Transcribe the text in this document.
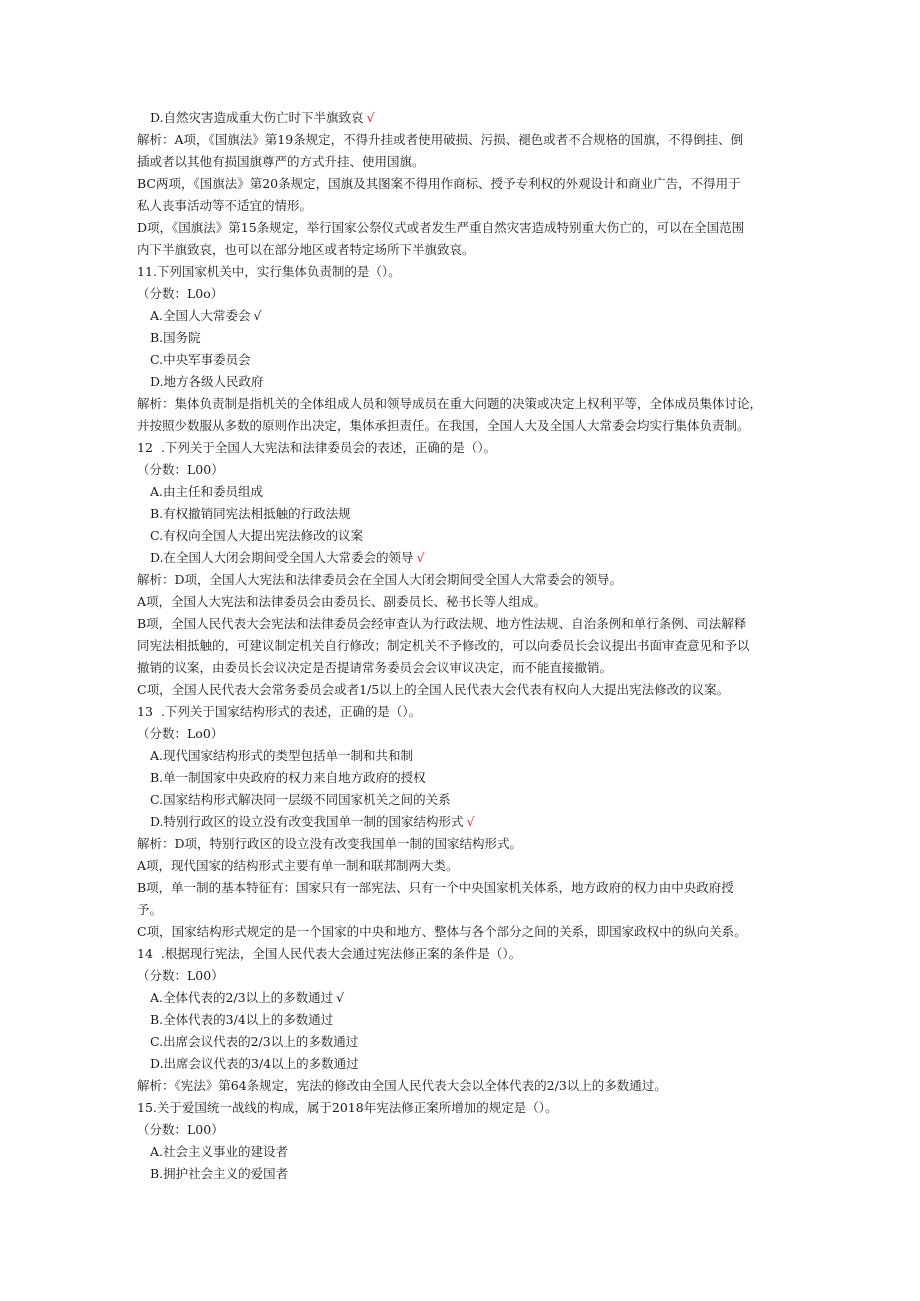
D.自然灾害造成重大伤亡时下半旗致哀 √
解析：A项，《国旗法》第19条规定，不得升挂或者使用破损、污损、褪色或者不合规格的国旗，不得倒挂、倒
插或者以其他有损国旗尊严的方式升挂、使用国旗。
BC两项，《国旗法》第20条规定，国旗及其图案不得用作商标、授予专利权的外观设计和商业广告，不得用于
私人丧事活动等不适宜的情形。
D项，《国旗法》第15条规定，举行国家公祭仪式或者发生严重自然灾害造成特别重大伤亡的，可以在全国范围
内下半旗致哀，也可以在部分地区或者特定场所下半旗致哀。
11.下列国家机关中，实行集体负责制的是（）。
（分数：L0o）
A.全国人大常委会 √
B.国务院
C.中央军事委员会
D.地方各级人民政府
解析：集体负责制是指机关的全体组成人员和领导成员在重大问题的决策或决定上权利平等，全体成员集体讨论，
并按照少数服从多数的原则作出决定，集体承担责任。在我国，全国人大及全国人大常委会均实行集体负责制。
12  .下列关于全国人大宪法和法律委员会的表述，正确的是（）。
（分数：L00）
A.由主任和委员组成
B.有权撤销同宪法相抵触的行政法规
C.有权向全国人大提出宪法修改的议案
D.在全国人大闭会期间受全国人大常委会的领导 √
解析：D项，全国人大宪法和法律委员会在全国人大闭会期间受全国人大常委会的领导。
A项，全国人大宪法和法律委员会由委员长、副委员长、秘书长等人组成。
B项，全国人民代表大会宪法和法律委员会经审查认为行政法规、地方性法规、自治条例和单行条例、司法解释
同宪法相抵触的，可建议制定机关自行修改；制定机关不予修改的，可以向委员长会议提出书面审查意见和予以
撤销的议案，由委员长会议决定是否提请常务委员会会议审议决定，而不能直接撤销。
C项，全国人民代表大会常务委员会或者1/5以上的全国人民代表大会代表有权向人大提出宪法修改的议案。
13  .下列关于国家结构形式的表述，正确的是（）。
（分数：Lo0）
A.现代国家结构形式的类型包括单一制和共和制
B.单一制国家中央政府的权力来自地方政府的授权
C.国家结构形式解决同一层级不同国家机关之间的关系
D.特别行政区的设立没有改变我国单一制的国家结构形式 √
解析：D项，特别行政区的设立没有改变我国单一制的国家结构形式。
A项，现代国家的结构形式主要有单一制和联邦制两大类。
B项，单一制的基本特征有：国家只有一部宪法、只有一个中央国家机关体系，地方政府的权力由中央政府授
予。
C项，国家结构形式规定的是一个国家的中央和地方、整体与各个部分之间的关系，即国家政权中的纵向关系。
14  .根据现行宪法，全国人民代表大会通过宪法修正案的条件是（）。
（分数：L00）
A.全体代表的2/3以上的多数通过 √
B.全体代表的3/4以上的多数通过
C.出席会议代表的2/3以上的多数通过
D.出席会议代表的3/4以上的多数通过
解析：《宪法》第64条规定，宪法的修改由全国人民代表大会以全体代表的2/3以上的多数通过。
15.关于爱国统一战线的构成，属于2018年宪法修正案所增加的规定是（）。
（分数：L00）
A.社会主义事业的建设者
B.拥护社会主义的爱国者
